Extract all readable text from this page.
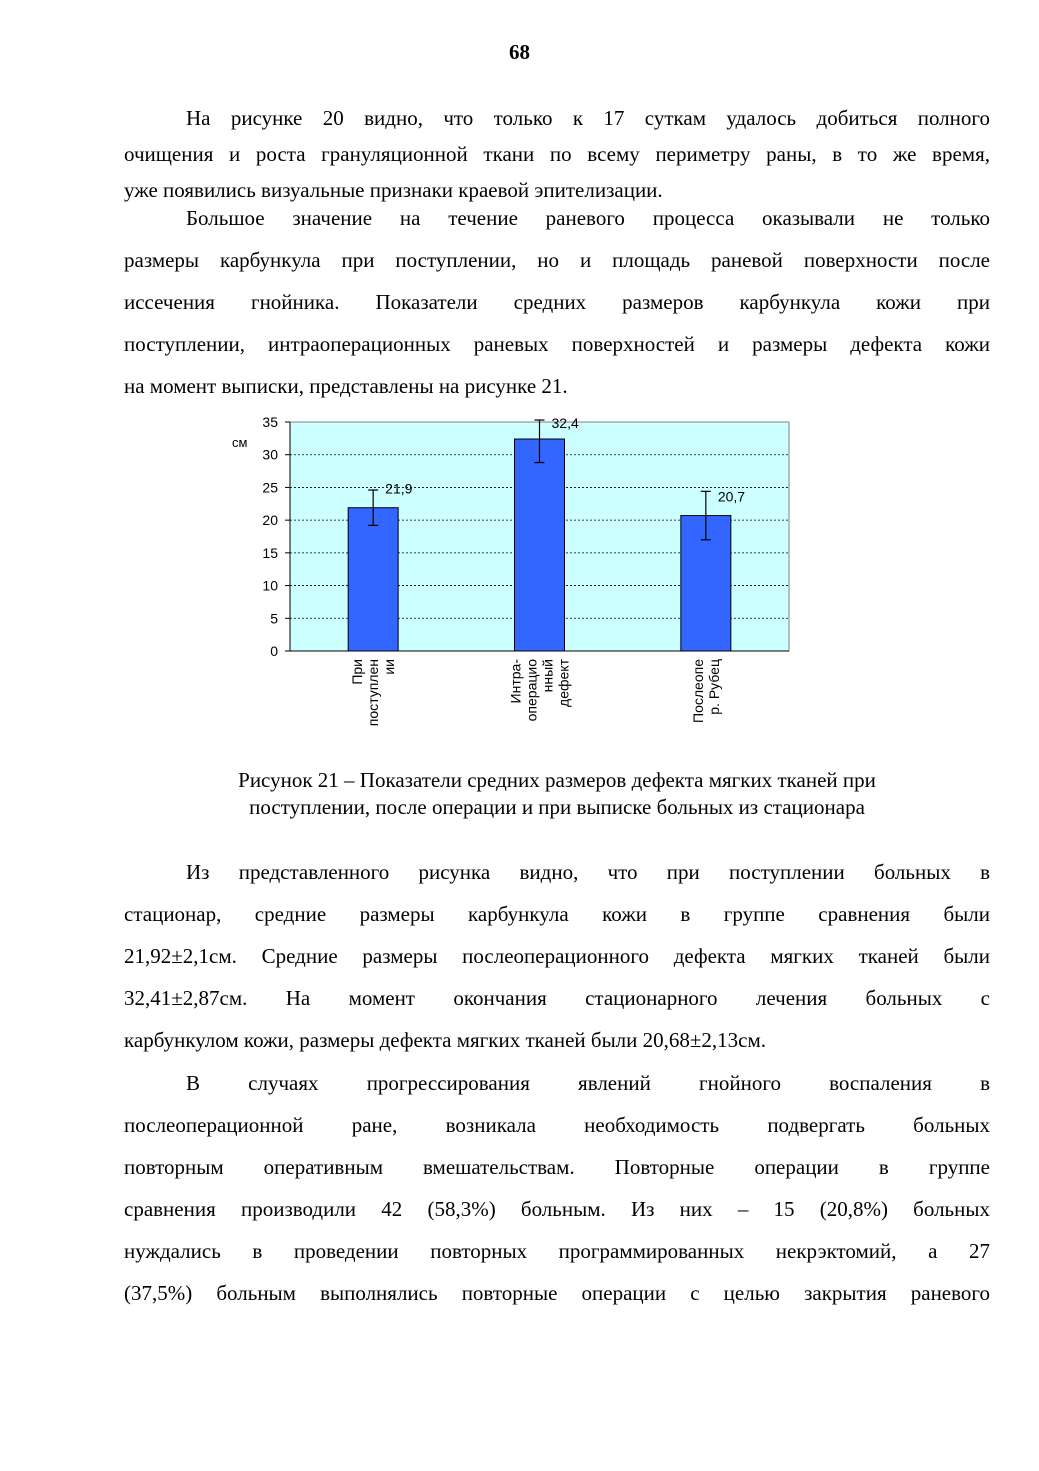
68

На рисунке 20 видно, что только к 17 суткам удалось добиться полного
очищения и роста грануляционной ткани по всему периметру раны, в то же время,
уже появились визуальные признаки краевой эпителизации.

Большое значение на течение раневого процесса оказывали не только
размеры карбункула при поступлении, но и площадь раневой поверхности после
иссечения гнойника. Показатели средних размеров карбункула кожи при
поступлении, интраоперационных раневых поверхностей и размеры дефекта кожи
на момент выписки, представлены на рисунке 21.

0
5
10
15
20
25
30
35
см
21,9
32,4
20,7
При поступлен ии	Интра- операцио нный дефект	Послеопе р. Рубец
Рисунок 21 – Показатели средних размеров дефекта мягких тканей при
поступлении, после операции и при выписке больных из стационара

Из представленного рисунка видно, что при поступлении больных в
стационар, средние размеры карбункула кожи в группе сравнения были
21,92±2,1см. Средние размеры послеоперационного дефекта мягких тканей были
32,41±2,87см. На момент окончания стационарного лечения больных с
карбункулом кожи, размеры дефекта мягких тканей были 20,68±2,13см.

В случаях прогрессирования явлений гнойного воспаления в
послеоперационной ране, возникала необходимость подвергать больных
повторным оперативным вмешательствам. Повторные операции в группе
сравнения производили 42 (58,3%) больным. Из них – 15 (20,8%) больных
нуждались в проведении повторных программированных некрэктомий, а 27
(37,5%) больным выполнялись повторные операции с целью закрытия раневого
